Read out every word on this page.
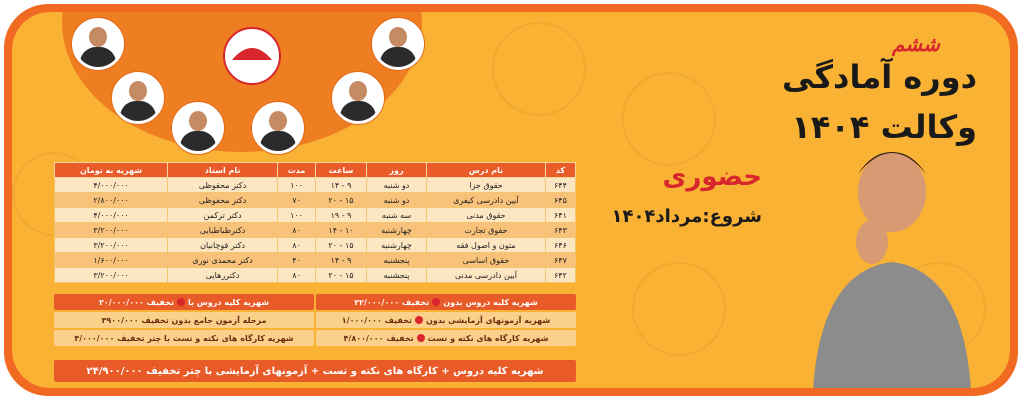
شهریه به تومان	نام استاد	مدت	ساعت	روز	نام درس	کد
۴/۰۰۰/۰۰۰	دکتر محقوظی	۱۰۰	۱۴ - ۹	دو شنبه	حقوق جزا	۶۴۴
۲/۸۰۰/۰۰۰	دکتر محفوظی	۷۰	۲۰ - ۱۵	دو شنبه	آیین دادرسی کیفری	۶۴۵
۴/۰۰۰/۰۰۰	دکتر ترکمن	۱۰۰	۱۹ - ۹	سه شنبه	حقوق مدنی	۶۴۱
۳/۲۰۰/۰۰۰	دکترطباطبایی	۸۰	۱۴ - ۱۰	چهارشنبه	حقوق تجارت	۶۴۳
۳/۲۰۰/۰۰۰	دکتر قوچانیان	۸۰	۲۰ - ۱۵	چهارشنبه	متون و اصول فقه	۶۴۶
۱/۶۰۰/۰۰۰	دکتر محمدی نوری	۴۰	۱۴ - ۹	پنجشنبه	حقوق اساسی	۶۴۷
۳/۲۰۰/۰۰۰	دکتررهایی	۸۰	۲۰ - ۱۵	پنجشنبه	آیین دادرسی مدنی	۶۴۲
تخفیف ۲۰/۰۰۰/۰۰۰ شهریه کلیه دروس با	۲۲/۰۰۰/۰۰۰ تخفیف شهریه کلیه دروس بدون
۳مرحله آزمون جامع بدون تخفیف ۹۰۰/۰۰۰	۱/۰۰۰/۰۰۰ تخفیف شهریه آزمونهای آزمایشی بدون
شهریه کارگاه های نکته و تست با چتر تخفیف ۴/۰۰۰/۰۰۰	۴/۸۰۰/۰۰۰ تخفیف شهریه کارگاه های نکته و تست
شهریه کلیه دروس + کارگاه های نکته و تست + آزمونهای آزمایشی با چتر تخفیف ۲۴/۹۰۰/۰۰۰
ششم
دوره آمادگی
وکالت ۱۴۰۴
حضوری
شروع:مرداد۱۴۰۴
